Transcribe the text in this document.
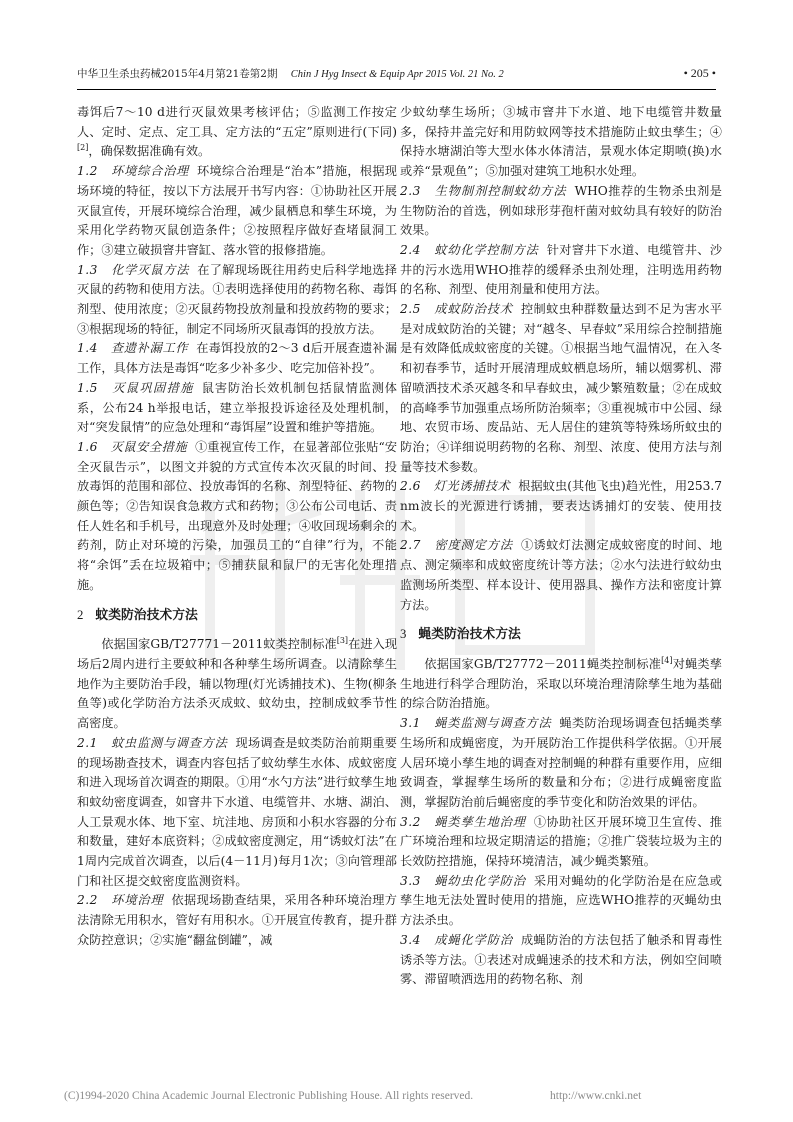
中华卫生杀虫药械2015年4月第21卷第2期 Chin J Hyg Insect & Equip Apr 2015 Vol. 21 No. 2	• 205 •

毒饵后7～10 d进行灭鼠效果考核评估；⑤监测工作按定人、定时、定点、定工具、定方法的“五定”原则进行(下同)[2]，确保数据准确有效。

1.2　环境综合治理 环境综合治理是“治本”措施，根据现场环境的特征，按以下方法展开书写内容：①协助社区开展灭鼠宣传，开展环境综合治理，减少鼠栖息和孳生环境，为采用化学药物灭鼠创造条件；②按照程序做好查堵鼠洞工作；③建立破损窨井窨缸、落水管的报修措施。

1.3　化学灭鼠方法 在了解现场既往用药史后科学地选择灭鼠的药物和使用方法。①表明选择使用的药物名称、毒饵剂型、使用浓度；②灭鼠药物投放剂量和投放药物的要求；③根据现场的特征，制定不同场所灭鼠毒饵的投放方法。

1.4　查遗补漏工作 在毒饵投放的2～3 d后开展查遗补漏工作，具体方法是毒饵“吃多少补多少、吃完加倍补投”。

1.5　灭鼠巩固措施 鼠害防治长效机制包括鼠情监测体系，公布24 h举报电话，建立举报投诉途径及处理机制，对“突发鼠情”的应急处理和“毒饵屋”设置和维护等措施。

1.6　灭鼠安全措施 ①重视宣传工作，在显著部位张贴“安全灭鼠告示”，以图文并貌的方式宣传本次灭鼠的时间、投放毒饵的范围和部位、投放毒饵的名称、剂型特征、药物的颜色等；②告知误食急救方式和药物；③公布公司电话、责任人姓名和手机号，出现意外及时处理；④收回现场剩余的药剂，防止对环境的污染，加强员工的“自律”行为，不能将“余饵”丢在垃圾箱中；⑤捕获鼠和鼠尸的无害化处理措施。

2 蚊类防治技术方法

依据国家GB/T27771－2011蚊类控制标准[3]在进入现场后2周内进行主要蚊种和各种孳生场所调查。以清除孳生地作为主要防治手段，辅以物理(灯光诱捕技术)、生物(柳条鱼等)或化学防治方法杀灭成蚊、蚊幼虫，控制成蚊季节性高密度。

2.1　蚊虫监测与调查方法 现场调查是蚊类防治前期重要的现场勘查技术，调查内容包括了蚊幼孳生水体、成蚊密度和进入现场首次调查的期限。①用“水勺方法”进行蚊孳生地和蚊幼密度调查，如窨井下水道、电缆管井、水塘、湖泊、人工景观水体、地下室、坑洼地、房顶和小积水容器的分布和数量，建好本底资料；②成蚊密度测定，用“诱蚊灯法”在1周内完成首次调查，以后(4－11月)每月1次；③向管理部门和社区提交蚊密度监测资料。

2.2　环境治理 依据现场勘查结果，采用各种环境治理方法清除无用积水，管好有用积水。①开展宣传教育，提升群众防控意识；②实施“翻盆倒罐”，减

少蚊幼孳生场所；③城市窨井下水道、地下电缆管井数量多，保持井盖完好和用防蚊网等技术措施防止蚊虫孳生；④保持水塘湖泊等大型水体水体清洁，景观水体定期喷(换)水或养“景观鱼”；⑤加强对建筑工地积水处理。

2.3　生物制剂控制蚊幼方法 WHO推荐的生物杀虫剂是生物防治的首选，例如球形芽孢杆菌对蚊幼具有较好的防治效果。

2.4　蚊幼化学控制方法 针对窨井下水道、电缆管井、沙井的污水选用WHO推荐的缓释杀虫剂处理，注明选用药物的名称、剂型、使用剂量和使用方法。

2.5　成蚊防治技术 控制蚊虫种群数量达到不足为害水平是对成蚊防治的关键；对“越冬、早春蚊”采用综合控制措施是有效降低成蚊密度的关键。①根据当地气温情况，在入冬和初春季节，适时开展清理成蚊栖息场所，辅以烟雾机、滞留喷洒技术杀灭越冬和早春蚊虫，减少繁殖数量；②在成蚊的高峰季节加强重点场所防治频率；③重视城市中公园、绿地、农贸市场、废品站、无人居住的建筑等特殊场所蚊虫的防治；④详细说明药物的名称、剂型、浓度、使用方法与剂量等技术参数。

2.6　灯光诱捕技术 根据蚊虫(其他飞虫)趋光性，用253.7 nm波长的光源进行诱捕，要表达诱捕灯的安装、使用技术。

2.7　密度测定方法 ①诱蚊灯法测定成蚊密度的时间、地点、测定频率和成蚊密度统计等方法；②水勺法进行蚊幼虫监测场所类型、样本设计、使用器具、操作方法和密度计算方法。

3 蝇类防治技术方法

依据国家GB/T27772－2011蝇类控制标准[4]对蝇类孳生地进行科学合理防治，采取以环境治理清除孳生地为基础的综合防治措施。

3.1　蝇类监测与调查方法 蝇类防治现场调查包括蝇类孳生场所和成蝇密度，为开展防治工作提供科学依据。①开展人居环境小孳生地的调查对控制蝇的种群有重要作用，应细致调查，掌握孳生场所的数量和分布；②进行成蝇密度监测，掌握防治前后蝇密度的季节变化和防治效果的评估。

3.2　蝇类孳生地治理 ①协助社区开展环境卫生宣传、推广环境治理和垃圾定期清运的措施；②推广袋装垃圾为主的长效防控措施，保持环境清洁，减少蝇类繁殖。

3.3　蝇幼虫化学防治 采用对蝇幼的化学防治是在应急或孳生地无法处置时使用的措施，应选WHO推荐的灭蝇幼虫方法杀虫。

3.4　成蝇化学防治 成蝇防治的方法包括了触杀和胃毒性诱杀等方法。①表述对成蝇速杀的技术和方法，例如空间喷雾、滞留喷洒选用的药物名称、剂

(C)1994-2020 China Academic Journal Electronic Publishing House. All rights reserved.	http://www.cnki.net
